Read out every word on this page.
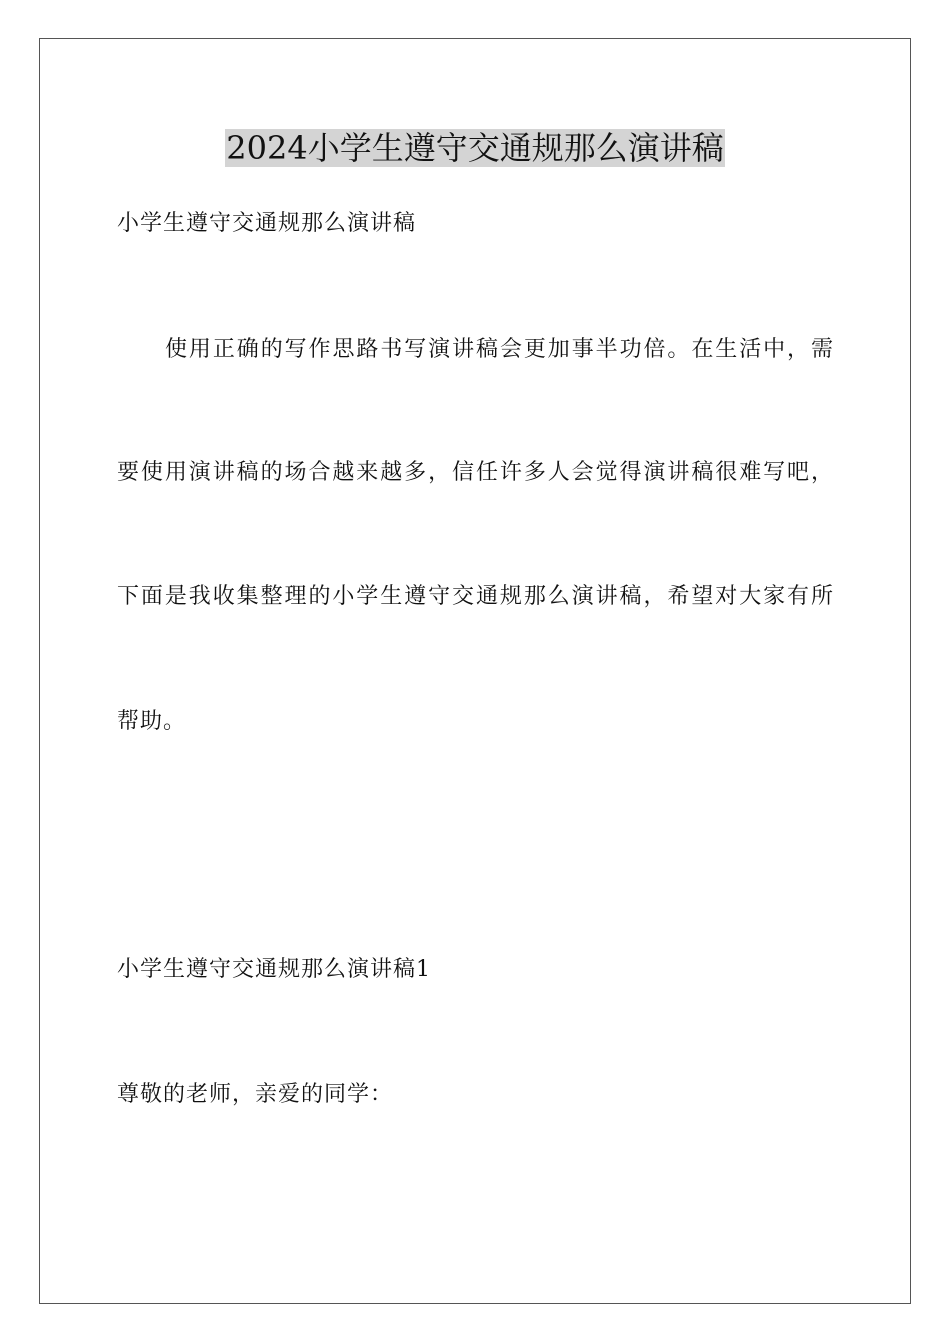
2024小学生遵守交通规那么演讲稿

小学生遵守交通规那么演讲稿

使用正确的写作思路书写演讲稿会更加事半功倍。在生活中，需

要使用演讲稿的场合越来越多，信任许多人会觉得演讲稿很难写吧，

下面是我收集整理的小学生遵守交通规那么演讲稿，希望对大家有所

帮助。

小学生遵守交通规那么演讲稿1

尊敬的老师，亲爱的同学：
